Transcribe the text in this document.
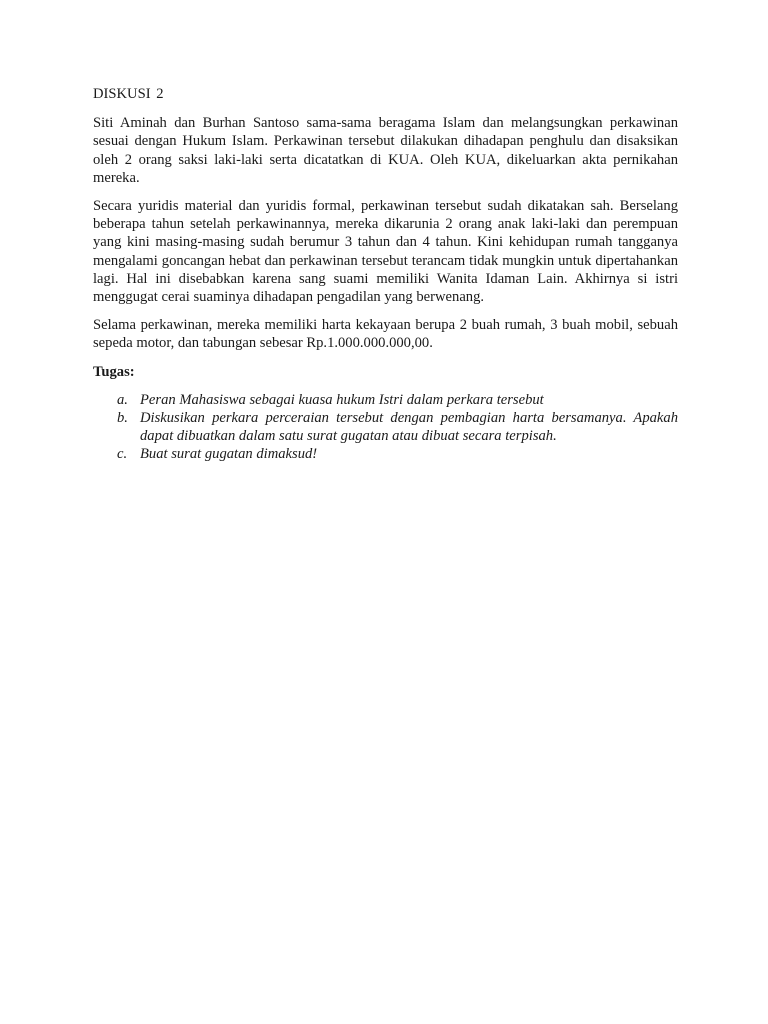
DISKUSI 2

Siti Aminah dan Burhan Santoso sama-sama beragama Islam dan melangsungkan perkawinan sesuai dengan Hukum Islam. Perkawinan tersebut dilakukan dihadapan penghulu dan disaksikan oleh 2 orang saksi laki-laki serta dicatatkan di KUA. Oleh KUA, dikeluarkan akta pernikahan mereka.

Secara yuridis material dan yuridis formal, perkawinan tersebut sudah dikatakan sah. Berselang beberapa tahun setelah perkawinannya, mereka dikarunia 2 orang anak laki-laki dan perempuan yang kini masing-masing sudah berumur 3 tahun dan 4 tahun. Kini kehidupan rumah tangganya mengalami goncangan hebat dan perkawinan tersebut terancam tidak mungkin untuk dipertahankan lagi. Hal ini disebabkan karena sang suami memiliki Wanita Idaman Lain. Akhirnya si istri menggugat cerai suaminya dihadapan pengadilan yang berwenang.

Selama perkawinan, mereka memiliki harta kekayaan berupa 2 buah rumah, 3 buah mobil, sebuah sepeda motor, dan tabungan sebesar Rp.1.000.000.000,00.

Tugas:
a. Peran Mahasiswa sebagai kuasa hukum Istri dalam perkara tersebut
b. Diskusikan perkara perceraian tersebut dengan pembagian harta bersamanya. Apakah dapat dibuatkan dalam satu surat gugatan atau dibuat secara terpisah.
c. Buat surat gugatan dimaksud!
